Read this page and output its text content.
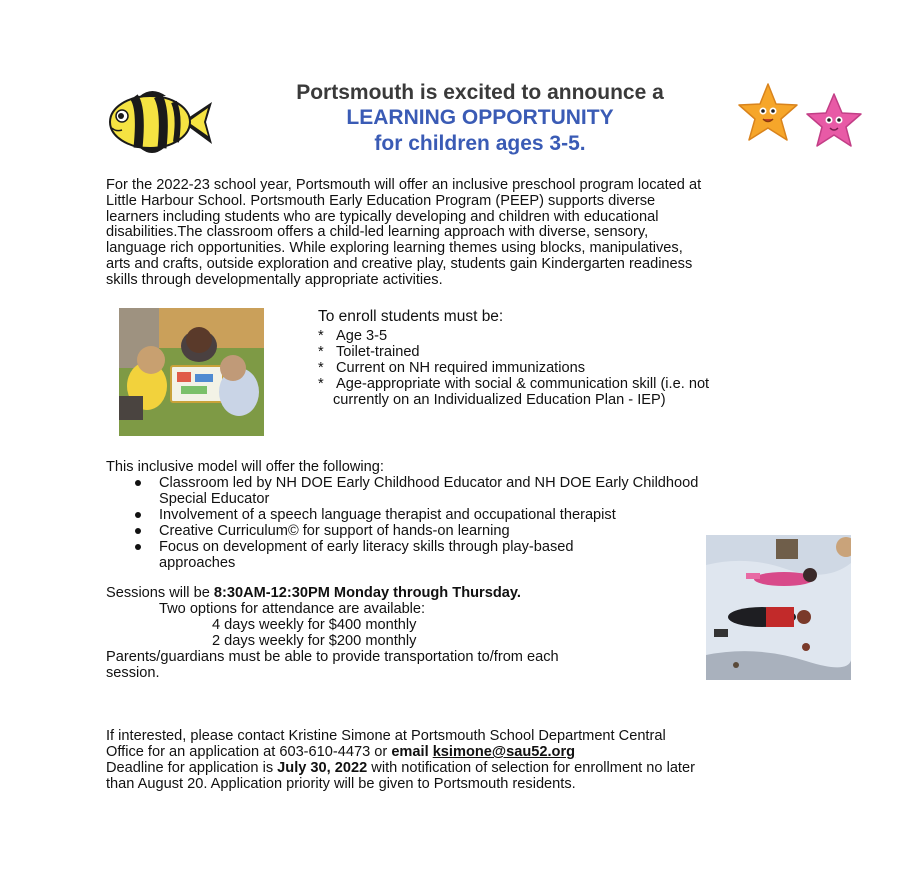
Portsmouth is excited to announce a
LEARNING OPPORTUNITY
for children ages 3-5.
For the 2022-23 school year, Portsmouth will offer an inclusive preschool program located at
Little Harbour School. Portsmouth Early Education Program (PEEP) supports diverse
learners including students who are typically developing and children with educational
disabilities.The classroom offers a child-led learning approach with diverse, sensory,
language rich opportunities. While exploring learning themes using blocks, manipulatives,
arts and crafts, outside exploration and creative play, students gain Kindergarten readiness
skills through developmentally appropriate activities.
To enroll students must be:
* Age 3-5
* Toilet-trained
* Current on NH required immunizations
* Age-appropriate with social & communication skill (i.e. not
currently on an Individualized Education Plan - IEP)
This inclusive model will offer the following:
Classroom led by NH DOE Early Childhood Educator and NH DOE Early Childhood
Special Educator
Involvement of a speech language therapist and occupational therapist
Creative Curriculum© for support of hands-on learning
Focus on development of early literacy skills through play-based
approaches
Sessions will be 8:30AM-12:30PM Monday through Thursday.
Two options for attendance are available:
4 days weekly for $400 monthly
2 days weekly for $200 monthly
Parents/guardians must be able to provide transportation to/from each
session.
If interested, please contact Kristine Simone at Portsmouth School Department Central
Office for an application at 603-610-4473 or email ksimone@sau52.org
Deadline for application is July 30, 2022 with notification of selection for enrollment no later
than August 20. Application priority will be given to Portsmouth residents.
